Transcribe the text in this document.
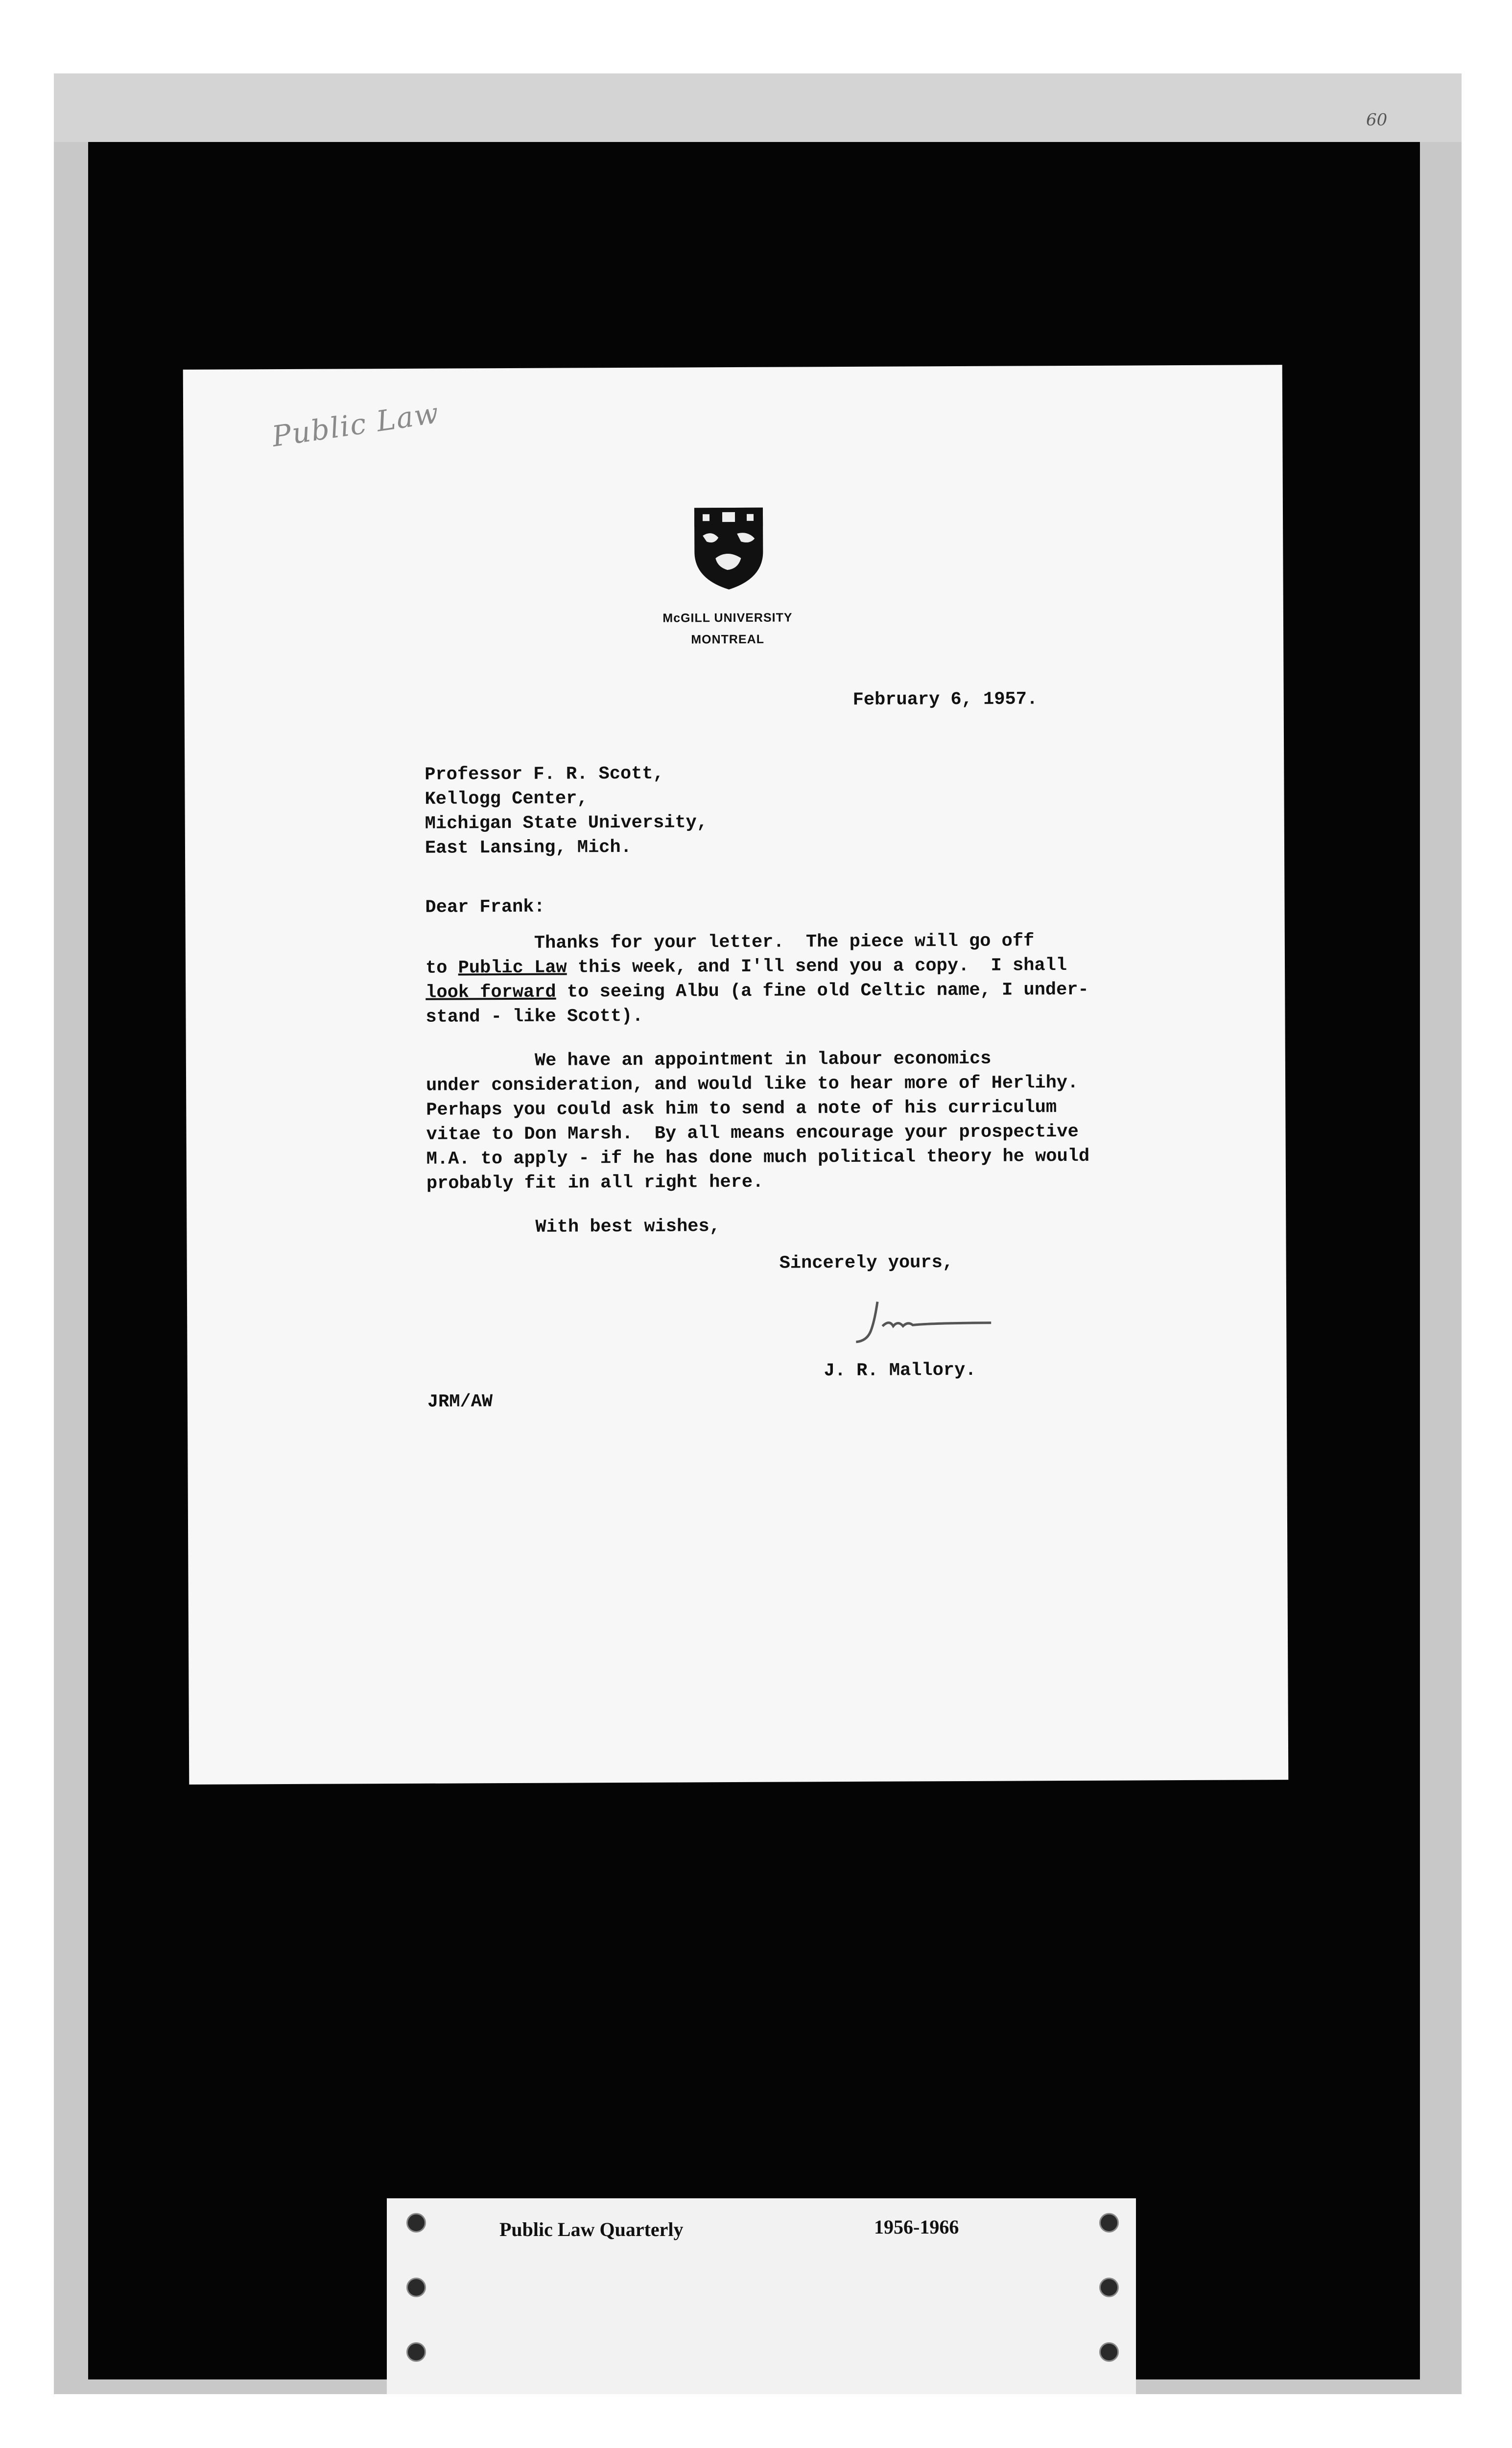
60
Public Law
McGILL UNIVERSITY
MONTREAL
February 6, 1957.
Professor F. R. Scott,
Kellogg Center,
Michigan State University,
East Lansing, Mich.
Dear Frank:

Thanks for your letter.  The piece will go off
to Public Law this week, and I'll send you a copy.  I shall
look forward to seeing Albu (a fine old Celtic name, I under-
stand - like Scott).

We have an appointment in labour economics
under consideration, and would like to hear more of Herlihy.
Perhaps you could ask him to send a note of his curriculum
vitae to Don Marsh.  By all means encourage your prospective
M.A. to apply - if he has done much political theory he would
probably fit in all right here.

With best wishes,

Sincerely yours,
J. R. Mallory.
JRM/AW
Public Law Quarterly	1956-1966
